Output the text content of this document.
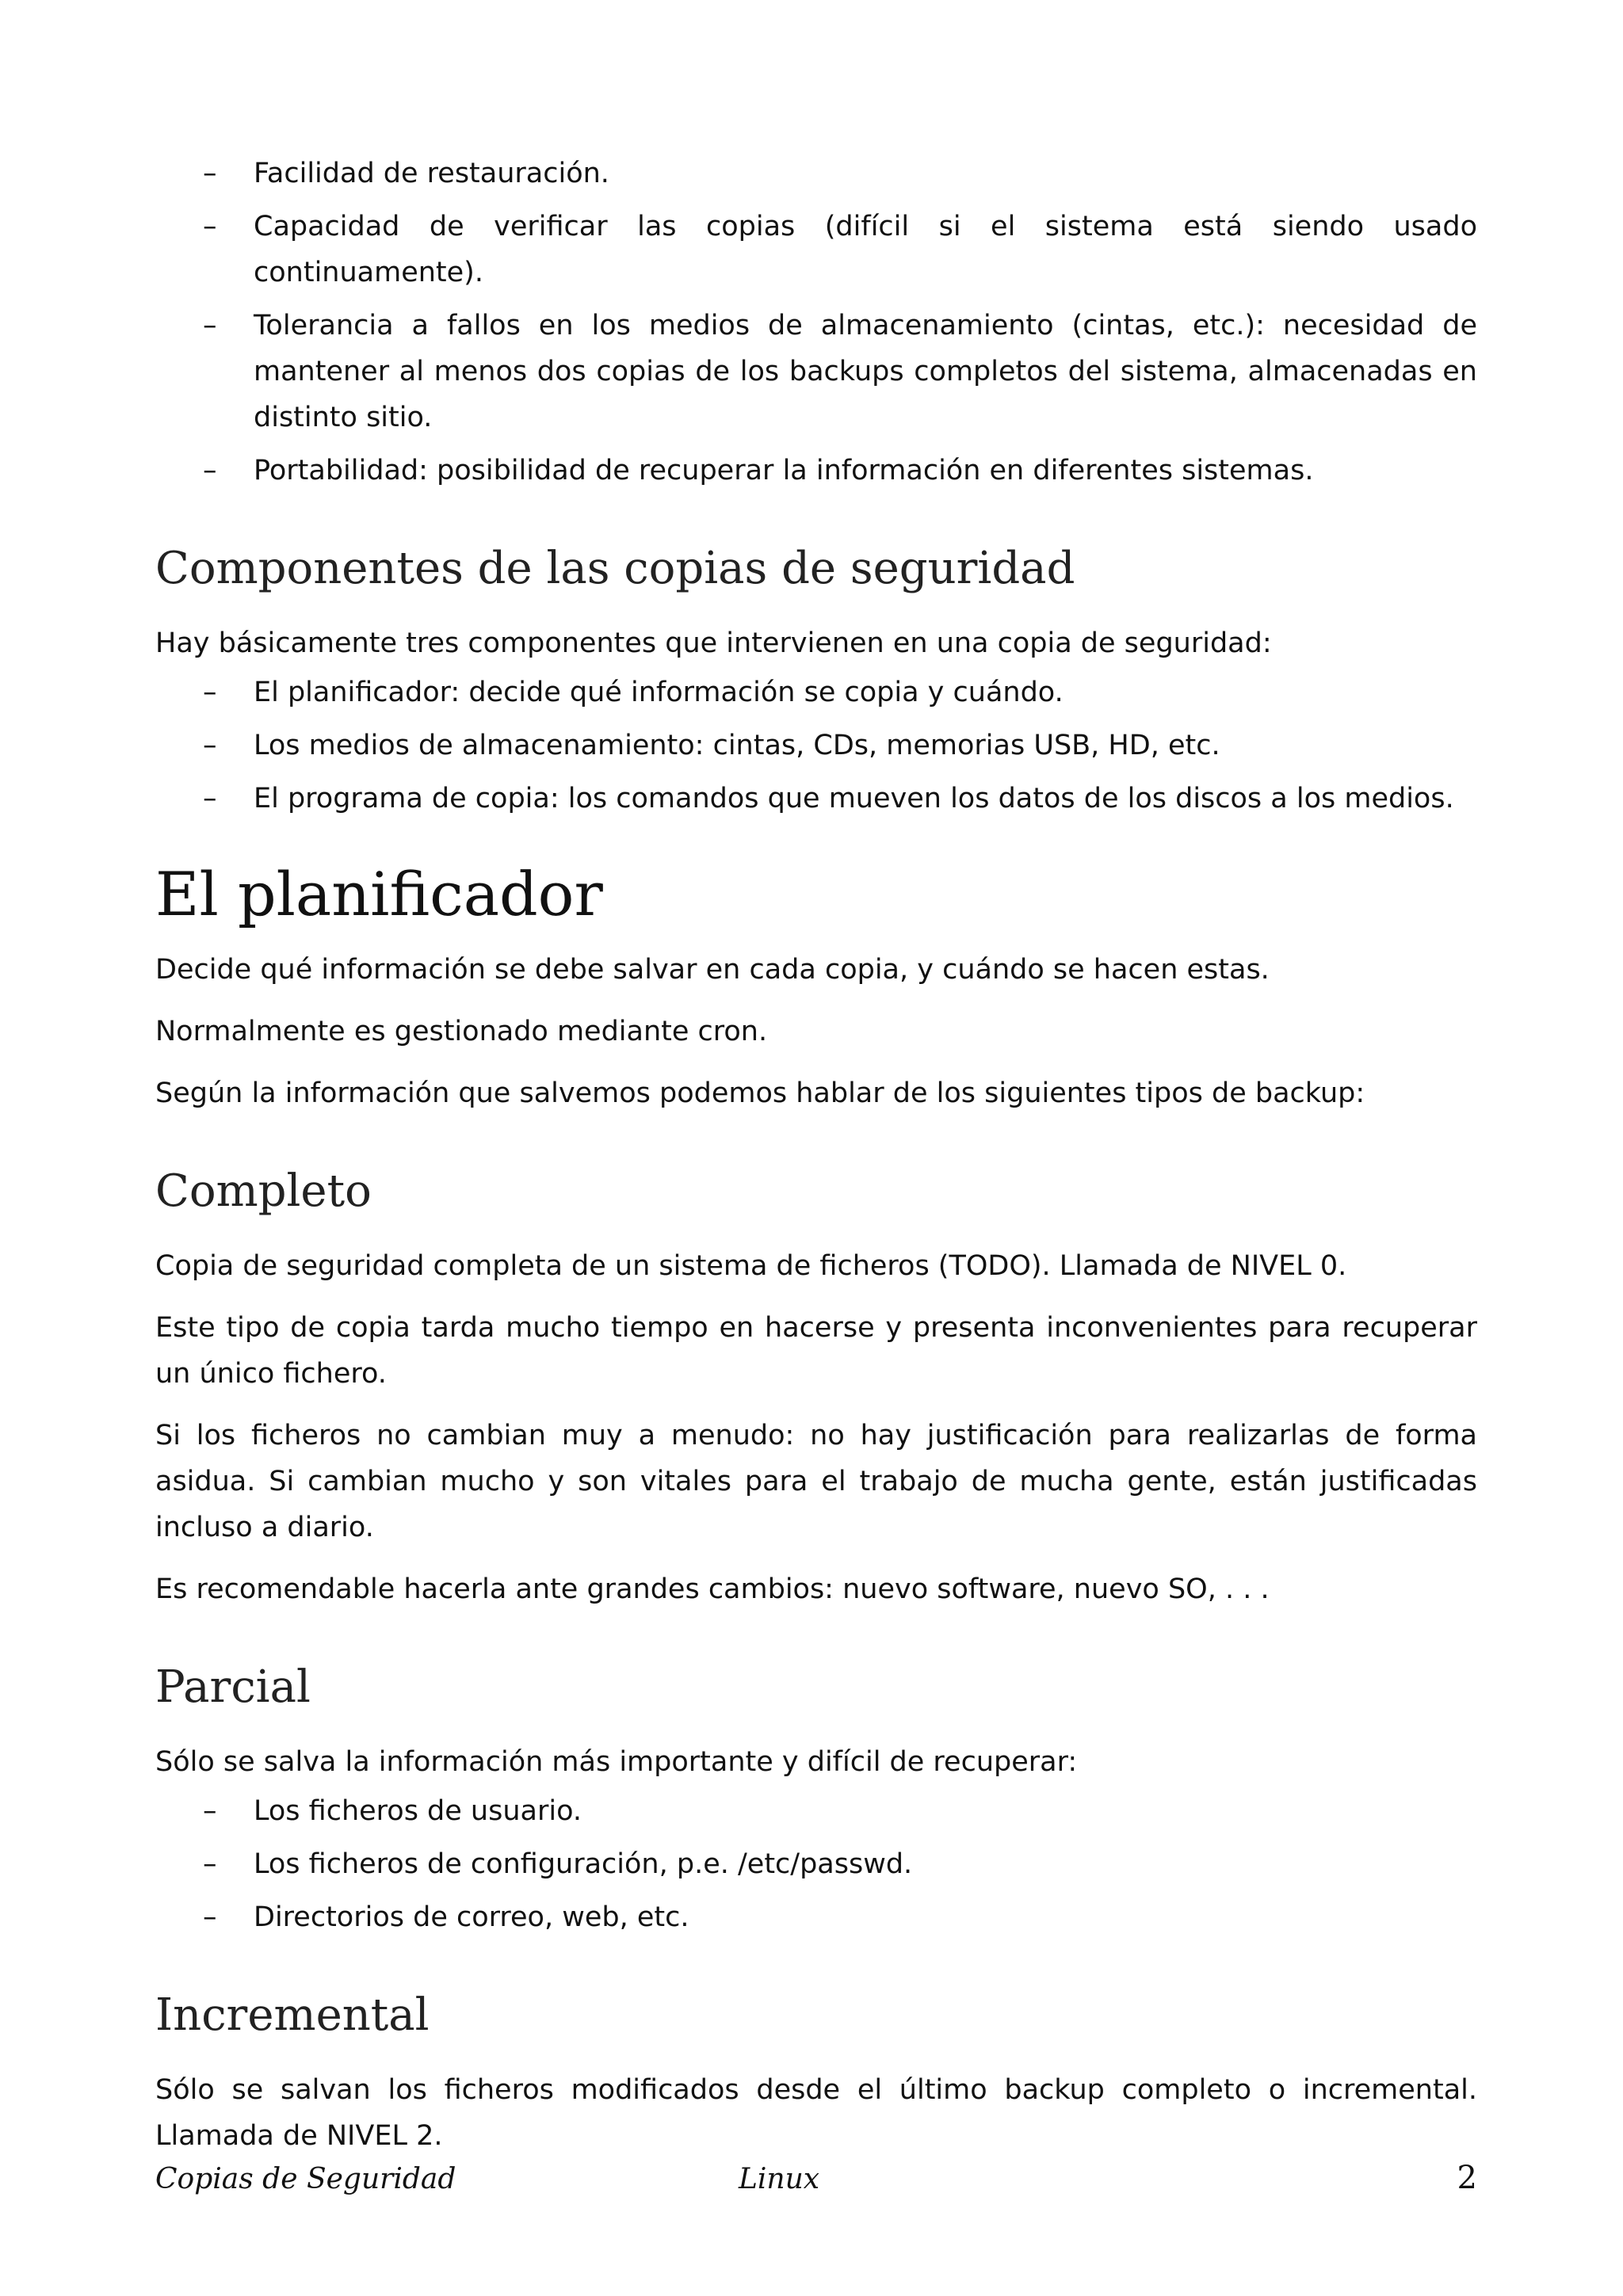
– Facilidad de restauración.
– Capacidad de verificar las copias (difícil si el sistema está siendo usado continuamente).
– Tolerancia a fallos en los medios de almacenamiento (cintas, etc.): necesidad de mantener al menos dos copias de los backups completos del sistema, almacenadas en distinto sitio.
– Portabilidad: posibilidad de recuperar la información en diferentes sistemas.
Componentes de las copias de seguridad

Hay básicamente tres componentes que intervienen en una copia de seguridad:

– El planificador: decide qué información se copia y cuándo.
– Los medios de almacenamiento: cintas, CDs, memorias USB, HD, etc.
– El programa de copia: los comandos que mueven los datos de los discos a los medios.
El planificador

Decide qué información se debe salvar en cada copia, y cuándo se hacen estas.

Normalmente es gestionado mediante cron.

Según la información que salvemos podemos hablar de los siguientes tipos de backup:

Completo

Copia de seguridad completa de un sistema de ficheros (TODO). Llamada de NIVEL 0.

Este tipo de copia tarda mucho tiempo en hacerse y presenta inconvenientes para recuperar un único fichero.

Si los ficheros no cambian muy a menudo: no hay justificación para realizarlas de forma asidua. Si cambian mucho y son vitales para el trabajo de mucha gente, están justificadas incluso a diario.

Es recomendable hacerla ante grandes cambios: nuevo software, nuevo SO, . . .

Parcial

Sólo se salva la información más importante y difícil de recuperar:

– Los ficheros de usuario.
– Los ficheros de configuración, p.e. /etc/passwd.
– Directorios de correo, web, etc.
Incremental

Sólo se salvan los ficheros modificados desde el último backup completo o incremental. Llamada de NIVEL 2.

Copias de Seguridad	Linux	2
